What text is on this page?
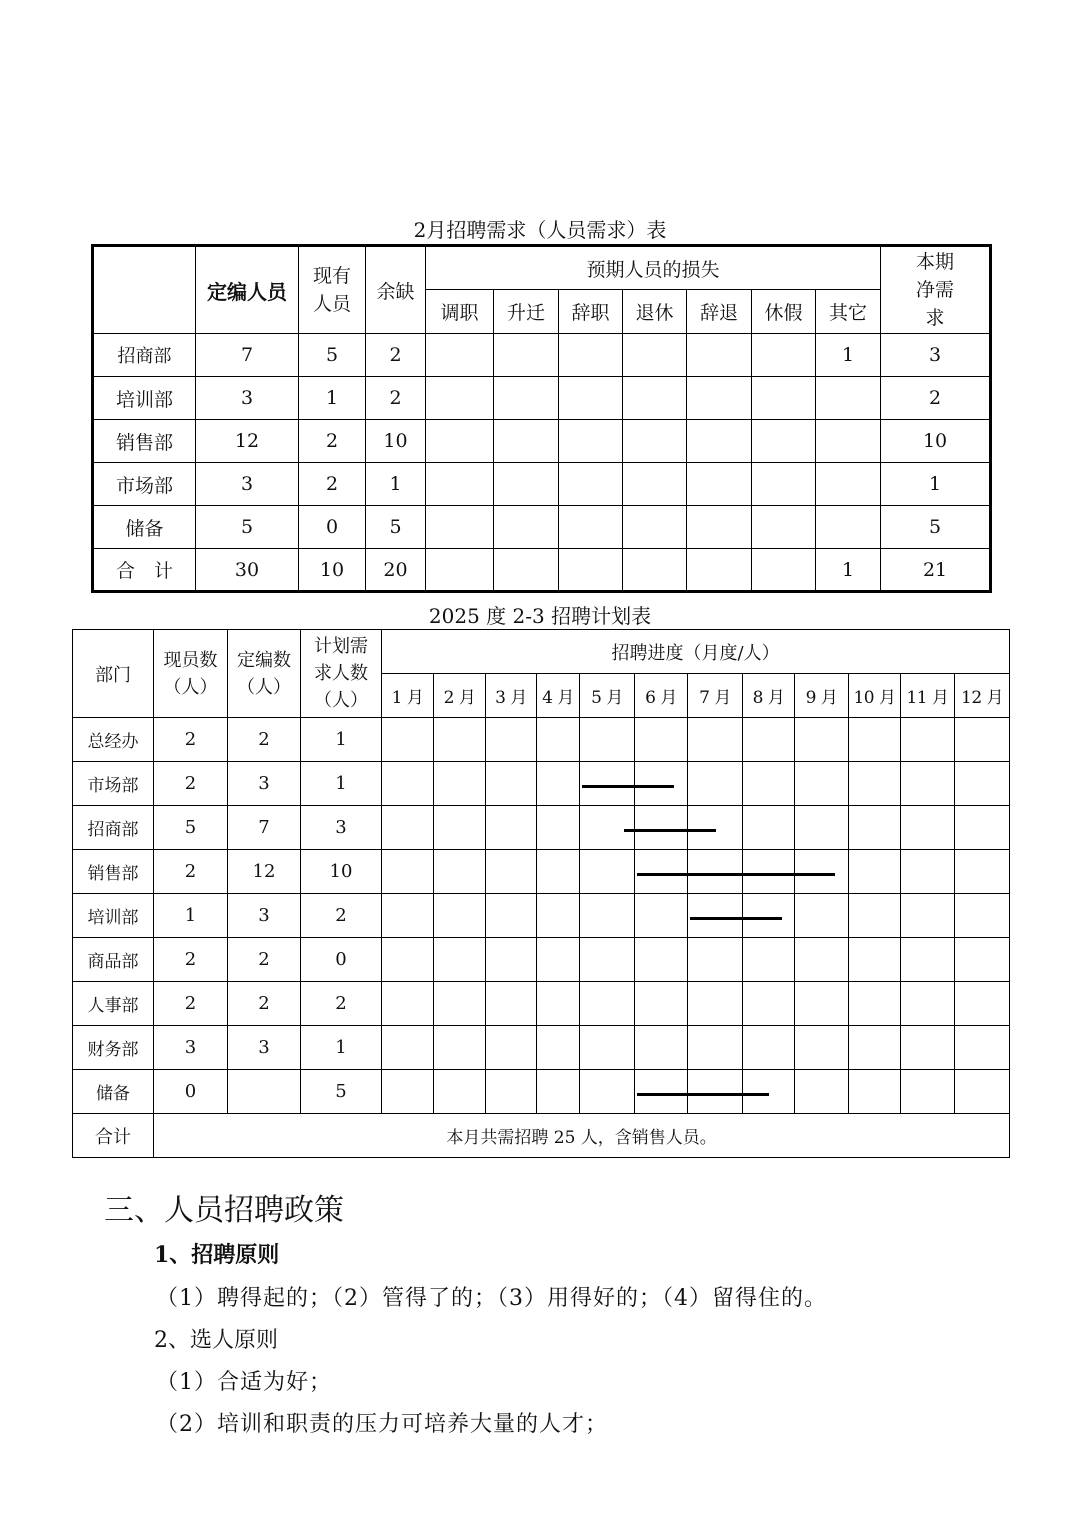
2月招聘需求（人员需求）表
	定编人员	现有人员	余缺	预期人员的损失							本期净需求
				调职	升迁	辞职	退休	辞退	休假	其它	
招商部	7	5	2							1	3
培训部	3	1	2								2
销售部	12	2	10								10
市场部	3	2	1								1
储备	5	0	5								5
合　计	30	10	20							1	21
2025 度 2-3 招聘计划表
部门	现员数（人）	定编数（人）	计划需求人数（人）	招聘进度（月度/人）											
				1 月	2 月	3 月	4 月	5 月	6 月	7 月	8 月	9 月	10 月	11 月	12 月
总经办	2	2	1												
市场部	2	3	1					

招商部	5	7	3					

销售部	2	12	10						

培训部	1	3	2							

商品部	2	2	0												
人事部	2	2	2												
财务部	3	3	1												
储备	0		5						

合计	本月共需招聘 25 人，含销售人员。														
三、人员招聘政策
1、招聘原则
（1）聘得起的；（2）管得了的；（3）用得好的；（4）留得住的。
2、选人原则
（1）合适为好；
（2）培训和职责的压力可培养大量的人才；
